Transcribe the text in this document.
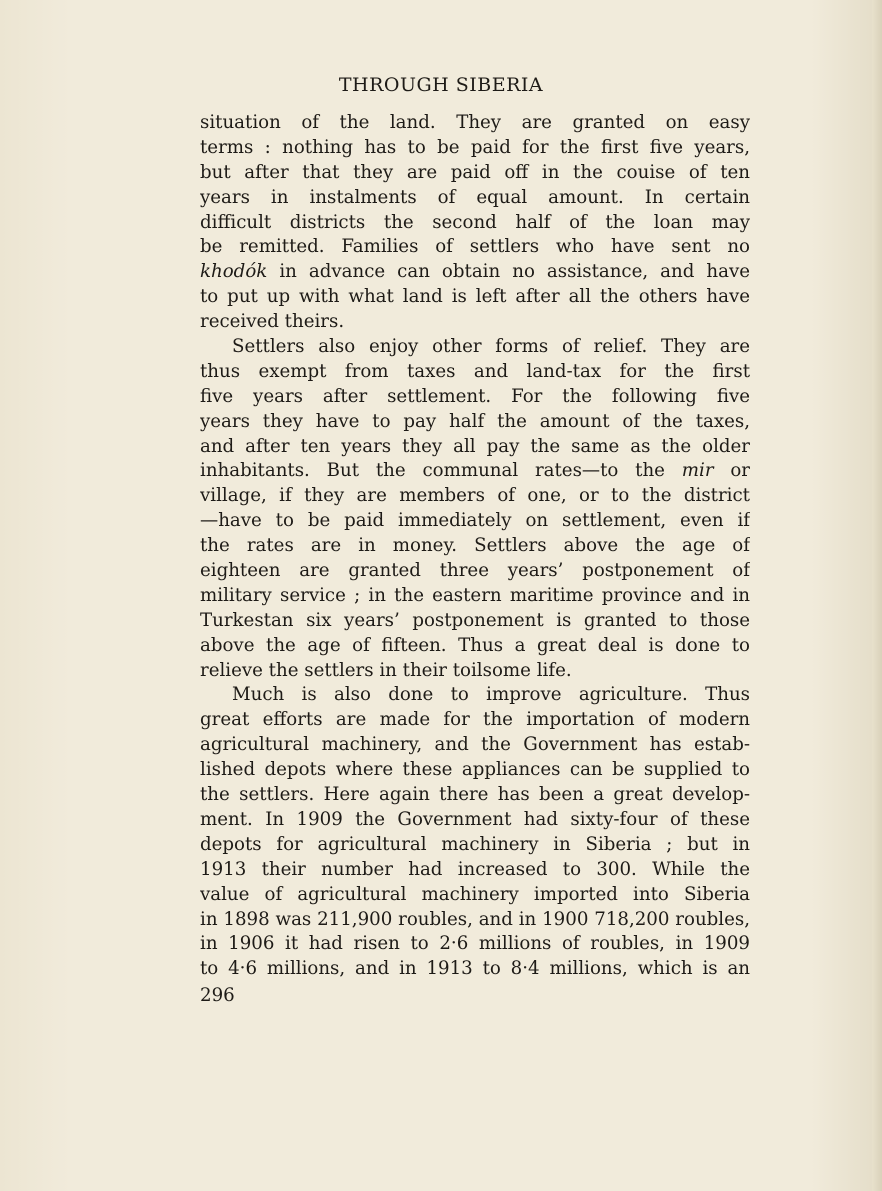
THROUGH SIBERIA
situation of the land. They are granted on easy
terms : nothing has to be paid for the first five years,
but after that they are paid off in the couise of ten
years in instalments of equal amount. In certain
difficult districts the second half of the loan may
be remitted. Families of settlers who have sent no
khodók in advance can obtain no assistance, and have
to put up with what land is left after all the others have
received theirs.
Settlers also enjoy other forms of relief. They are
thus exempt from taxes and land-tax for the first
five years after settlement. For the following five
years they have to pay half the amount of the taxes,
and after ten years they all pay the same as the older
inhabitants. But the communal rates—to the mir or
village, if they are members of one, or to the district
—have to be paid immediately on settlement, even if
the rates are in money. Settlers above the age of
eighteen are granted three years’ postponement of
military service ; in the eastern maritime province and in
Turkestan six years’ postponement is granted to those
above the age of fifteen. Thus a great deal is done to
relieve the settlers in their toilsome life.
Much is also done to improve agriculture. Thus
great efforts are made for the importation of modern
agricultural machinery, and the Government has estab-
lished depots where these appliances can be supplied to
the settlers. Here again there has been a great develop-
ment. In 1909 the Government had sixty-four of these
depots for agricultural machinery in Siberia ; but in
1913 their number had increased to 300. While the
value of agricultural machinery imported into Siberia
in 1898 was 211,900 roubles, and in 1900 718,200 roubles,
in 1906 it had risen to 2·6 millions of roubles, in 1909
to 4·6 millions, and in 1913 to 8·4 millions, which is an
296
